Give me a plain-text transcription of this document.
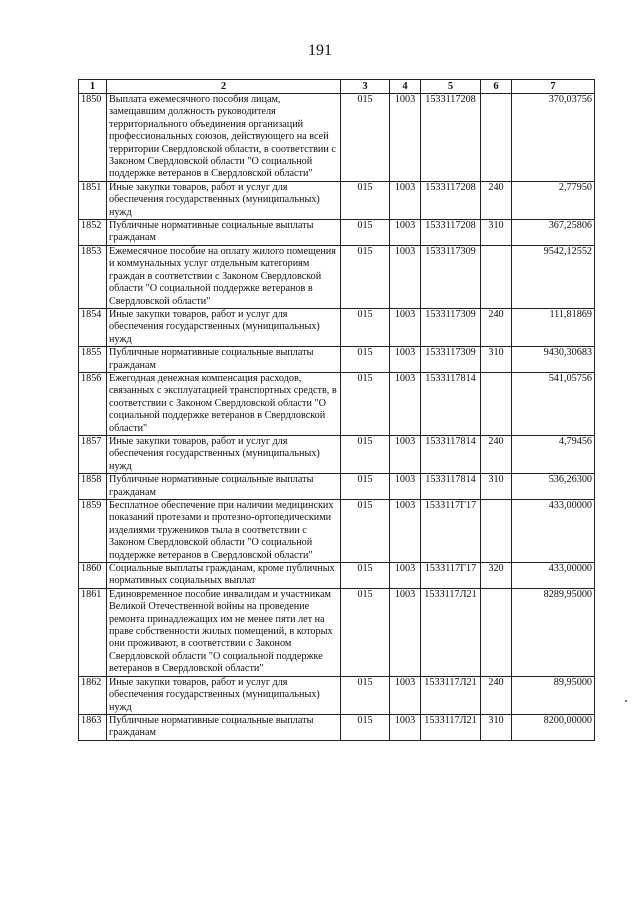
191
1	2	3	4	5	6	7
1850	Выплата ежемесячного пособия лицам, замещавшим должность руководителя территориального объединения организаций профессиональных союзов, действующего на всей территории Свердловской области, в соответствии с Законом Свердловской области "О социальной поддержке ветеранов в Свердловской области"	015	1003	1533117208		370,03756
1851	Иные закупки товаров, работ и услуг для обеспечения государственных (муниципальных) нужд	015	1003	1533117208	240	2,77950
1852	Публичные нормативные социальные выплаты гражданам	015	1003	1533117208	310	367,25806
1853	Ежемесячное пособие на оплату жилого помещения и коммунальных услуг отдельным категориям граждан в соответствии с Законом Свердловской области "О социальной поддержке ветеранов в Свердловской области"	015	1003	1533117309		9542,12552
1854	Иные закупки товаров, работ и услуг для обеспечения государственных (муниципальных) нужд	015	1003	1533117309	240	111,81869
1855	Публичные нормативные социальные выплаты гражданам	015	1003	1533117309	310	9430,30683
1856	Ежегодная денежная компенсация расходов, связанных с эксплуатацией транспортных средств, в соответствии с Законом Свердловской области "О социальной поддержке ветеранов в Свердловской области"	015	1003	1533117814		541,05756
1857	Иные закупки товаров, работ и услуг для обеспечения государственных (муниципальных) нужд	015	1003	1533117814	240	4,79456
1858	Публичные нормативные социальные выплаты гражданам	015	1003	1533117814	310	536,26300
1859	Бесплатное обеспечение при наличии медицинских показаний протезами и протезно-ортопедическими изделиями тружеников тыла в соответствии с Законом Свердловской области "О социальной поддержке ветеранов в Свердловской области"	015	1003	153З117Г17		433,00000
1860	Социальные выплаты гражданам, кроме публичных нормативных социальных выплат	015	1003	153З117Г17	320	433,00000
1861	Единовременное пособие инвалидам и участникам Великой Отечественной войны на проведение ремонта принадлежащих им не менее пяти лет на праве собственности жилых помещений, в которых они проживают, в соответствии с Законом Свердловской области "О социальной поддержке ветеранов в Свердловской области"	015	1003	153З117Л21		8289,95000
1862	Иные закупки товаров, работ и услуг для обеспечения государственных (муниципальных) нужд	015	1003	153З117Л21	240	89,95000
1863	Публичные нормативные социальные выплаты гражданам	015	1003	153З117Л21	310	8200,00000
